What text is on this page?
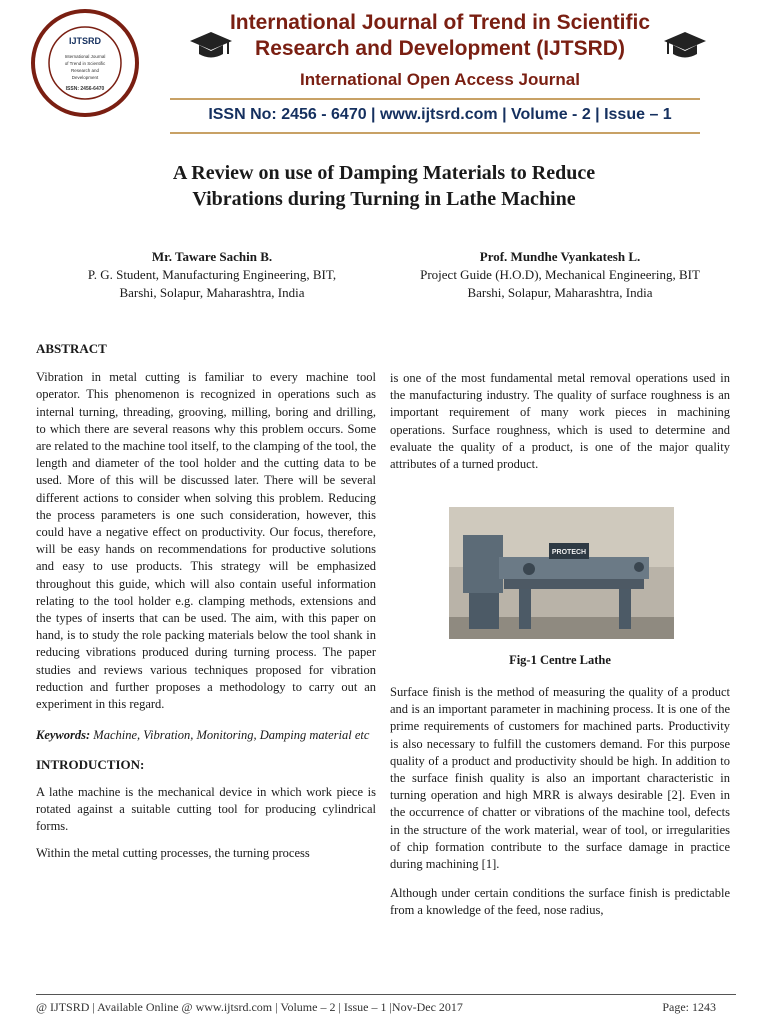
IJTSRD
International Journal
of Trend in Scientific
Research and
Development
ISSN: 2456-6470
International Journal of Trend in Scientific
Research and Development (IJTSRD)
International Open Access Journal
ISSN No: 2456 - 6470 | www.ijtsrd.com | Volume - 2 | Issue – 1
A Review on use of Damping Materials to Reduce
Vibrations during Turning in Lathe Machine
Mr. Taware Sachin B.
P. G. Student, Manufacturing Engineering, BIT,
Barshi, Solapur, Maharashtra, India
Prof. Mundhe Vyankatesh L.
Project Guide (H.O.D), Mechanical Engineering, BIT
Barshi, Solapur, Maharashtra, India
ABSTRACT
Vibration in metal cutting is familiar to every machine tool operator. This phenomenon is recognized in operations such as internal turning, threading, grooving, milling, boring and drilling, to which there are several reasons why this problem occurs. Some are related to the machine tool itself, to the clamping of the tool, the length and diameter of the tool holder and the cutting data to be used. More of this will be discussed later. There will be several different actions to consider when solving this problem. Reducing the process parameters is one such consideration, however, this could have a negative effect on productivity. Our focus, therefore, will be easy hands on recommendations for productive solutions and easy to use products. This strategy will be emphasized throughout this guide, which will also contain useful information relating to the tool holder e.g. clamping methods, extensions and the types of inserts that can be used. The aim, with this paper on hand, is to study the role packing materials below the tool shank in reducing vibrations produced during turning process. The paper studies and reviews various techniques proposed for vibration reduction and further proposes a methodology to carry out an experiment in this regard.
Keywords: Machine, Vibration, Monitoring, Damping material etc
INTRODUCTION:
A lathe machine is the mechanical device in which work piece is rotated against a suitable cutting tool for producing cylindrical forms.
Within the metal cutting processes, the turning process
is one of the most fundamental metal removal operations used in the manufacturing industry. The quality of surface roughness is an important requirement of many work pieces in machining operations. Surface roughness, which is used to determine and evaluate the quality of a product, is one of the major quality attributes of a turned product.
PROTECH
Fig-1 Centre Lathe
Surface finish is the method of measuring the quality of a product and is an important parameter in machining process. It is one of the prime requirements of customers for machined parts. Productivity is also necessary to fulfill the customers demand. For this purpose quality of a product and productivity should be high. In addition to the surface finish quality is also an important characteristic in turning operation and high MRR is always desirable [2]. Even in the occurrence of chatter or vibrations of the machine tool, defects in the structure of the work material, wear of tool, or irregularities of chip formation contribute to the surface damage in practice during machining [1].
Although under certain conditions the surface finish is predictable from a knowledge of the feed, nose radius,
@ IJTSRD | Available Online @ www.ijtsrd.com | Volume – 2 | Issue – 1 |Nov-Dec 2017	Page: 1243
